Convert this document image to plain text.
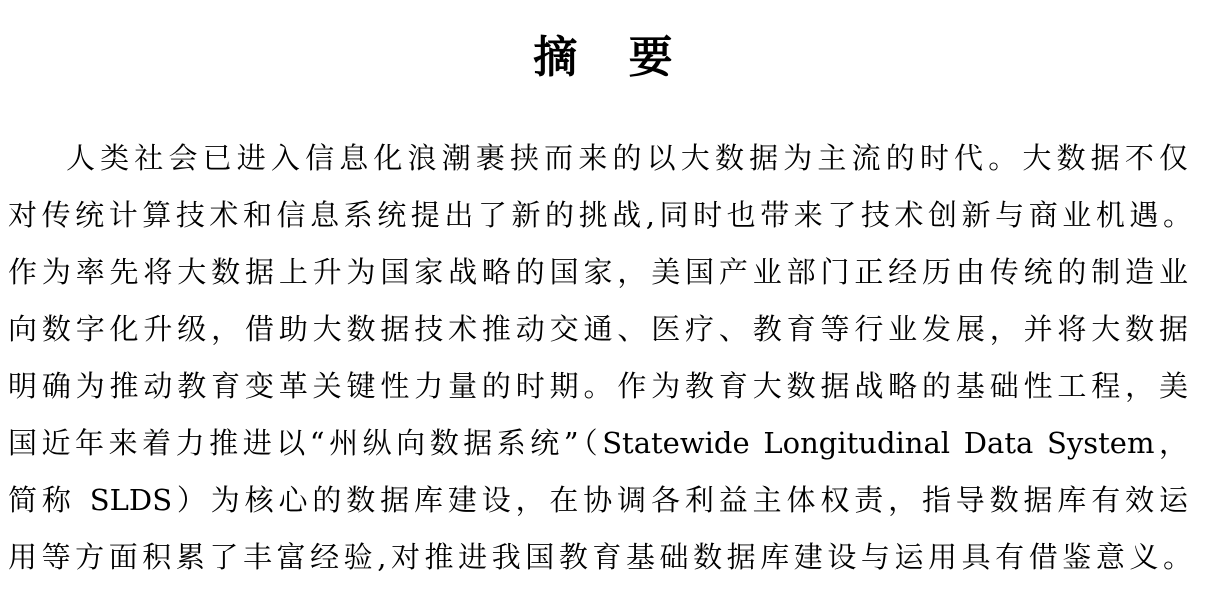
摘 要
人类社会已进入信息化浪潮裹挟而来的以大数据为主流的时代。大数据不仅
对传统计算技术和信息系统提出了新的挑战,同时也带来了技术创新与商业机遇。
作为率先将大数据上升为国家战略的国家，美国产业部门正经历由传统的制造业
向数字化升级，借助大数据技术推动交通、医疗、教育等行业发展，并将大数据
明确为推动教育变革关键性力量的时期。作为教育大数据战略的基础性工程，美
国近年来着力推进以“州纵向数据系统”（Statewide Longitudinal Data System，
简称 SLDS）为核心的数据库建设，在协调各利益主体权责，指导数据库有效运
用等方面积累了丰富经验,对推进我国教育基础数据库建设与运用具有借鉴意义。
